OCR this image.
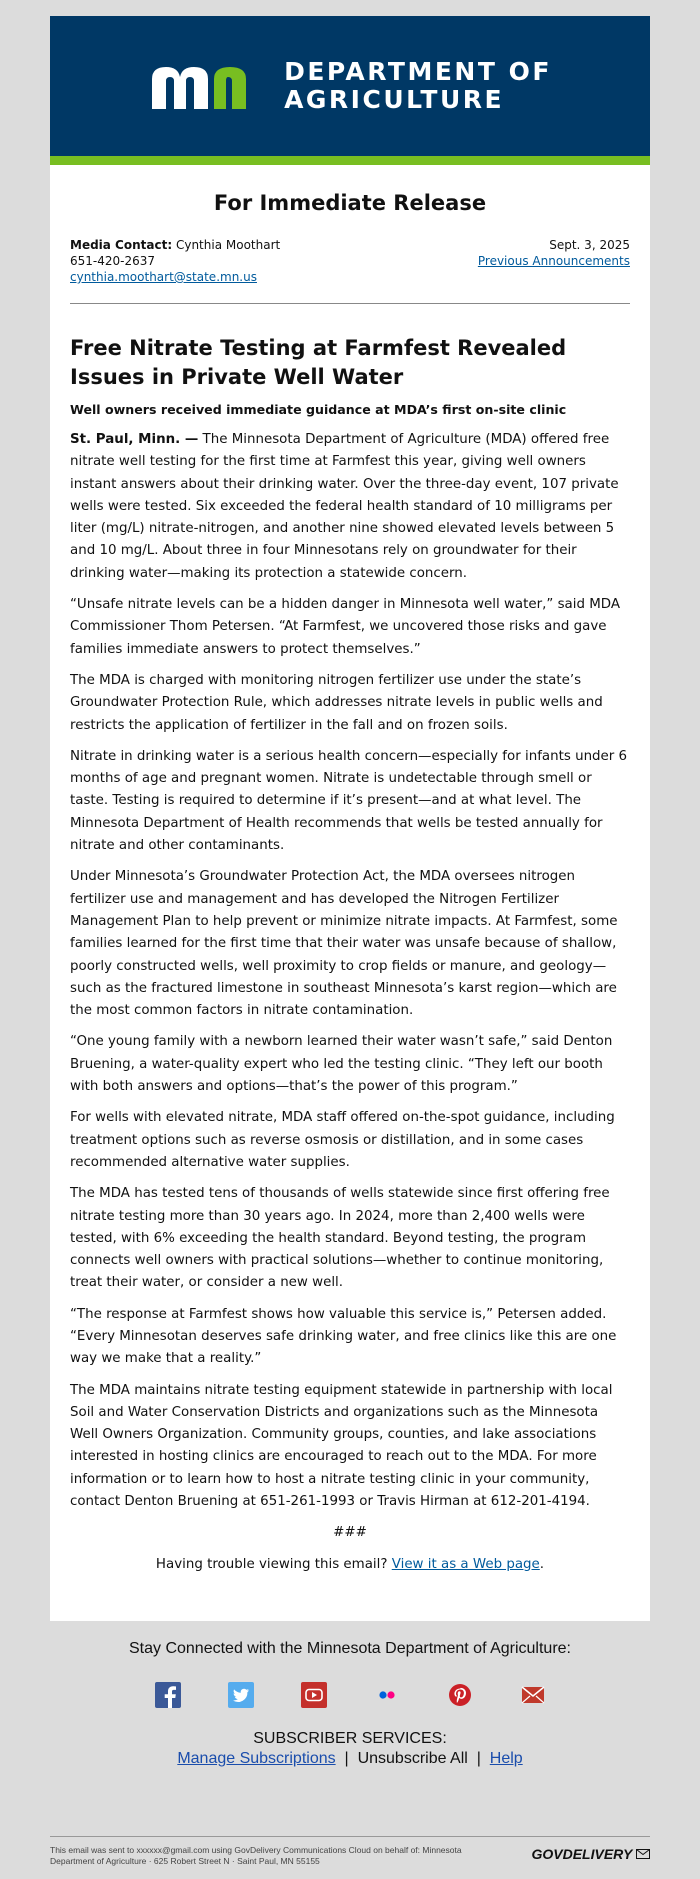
DEPARTMENT OF
AGRICULTURE
For Immediate Release
Media Contact: Cynthia Moothart
651-420-2637
cynthia.moothart@state.mn.us
Sept. 3, 2025
Previous Announcements
Free Nitrate Testing at Farmfest Revealed Issues in Private Well Water
Well owners received immediate guidance at MDA’s first on-site clinic

St. Paul, Minn. — The Minnesota Department of Agriculture (MDA) offered free nitrate well testing for the first time at Farmfest this year, giving well owners instant answers about their drinking water. Over the three-day event, 107 private wells were tested. Six exceeded the federal health standard of 10 milligrams per liter (mg/L) nitrate-nitrogen, and another nine showed elevated levels between 5 and 10 mg/L. About three in four Minnesotans rely on groundwater for their drinking water—making its protection a statewide concern.

“Unsafe nitrate levels can be a hidden danger in Minnesota well water,” said MDA Commissioner Thom Petersen. “At Farmfest, we uncovered those risks and gave families immediate answers to protect themselves.”

The MDA is charged with monitoring nitrogen fertilizer use under the state’s Groundwater Protection Rule, which addresses nitrate levels in public wells and restricts the application of fertilizer in the fall and on frozen soils.

Nitrate in drinking water is a serious health concern—especially for infants under 6 months of age and pregnant women. Nitrate is undetectable through smell or taste. Testing is required to determine if it’s present—and at what level. The Minnesota Department of Health recommends that wells be tested annually for nitrate and other contaminants.

Under Minnesota’s Groundwater Protection Act, the MDA oversees nitrogen fertilizer use and management and has developed the Nitrogen Fertilizer Management Plan to help prevent or minimize nitrate impacts. At Farmfest, some families learned for the first time that their water was unsafe because of shallow, poorly constructed wells, well proximity to crop fields or manure, and geology—such as the fractured limestone in southeast Minnesota’s karst region—which are the most common factors in nitrate contamination.

“One young family with a newborn learned their water wasn’t safe,” said Denton Bruening, a water-quality expert who led the testing clinic. “They left our booth with both answers and options—that’s the power of this program.”

For wells with elevated nitrate, MDA staff offered on-the-spot guidance, including treatment options such as reverse osmosis or distillation, and in some cases recommended alternative water supplies.

The MDA has tested tens of thousands of wells statewide since first offering free nitrate testing more than 30 years ago. In 2024, more than 2,400 wells were tested, with 6% exceeding the health standard. Beyond testing, the program connects well owners with practical solutions—whether to continue monitoring, treat their water, or consider a new well.

“The response at Farmfest shows how valuable this service is,” Petersen added. “Every Minnesotan deserves safe drinking water, and free clinics like this are one way we make that a reality.”

The MDA maintains nitrate testing equipment statewide in partnership with local Soil and Water Conservation Districts and organizations such as the Minnesota Well Owners Organization. Community groups, counties, and lake associations interested in hosting clinics are encouraged to reach out to the MDA. For more information or to learn how to host a nitrate testing clinic in your community, contact Denton Bruening at 651-261-1993 or Travis Hirman at 612-201-4194.

###

Having trouble viewing this email? View it as a Web page.

Stay Connected with the Minnesota Department of Agriculture:
SUBSCRIBER SERVICES:
Manage Subscriptions | Unsubscribe All | Help
This email was sent to xxxxxx@gmail.com using GovDelivery Communications Cloud on behalf of: Minnesota Department of Agriculture · 625 Robert Street N · Saint Paul, MN 55155	GOVDELIVERY
